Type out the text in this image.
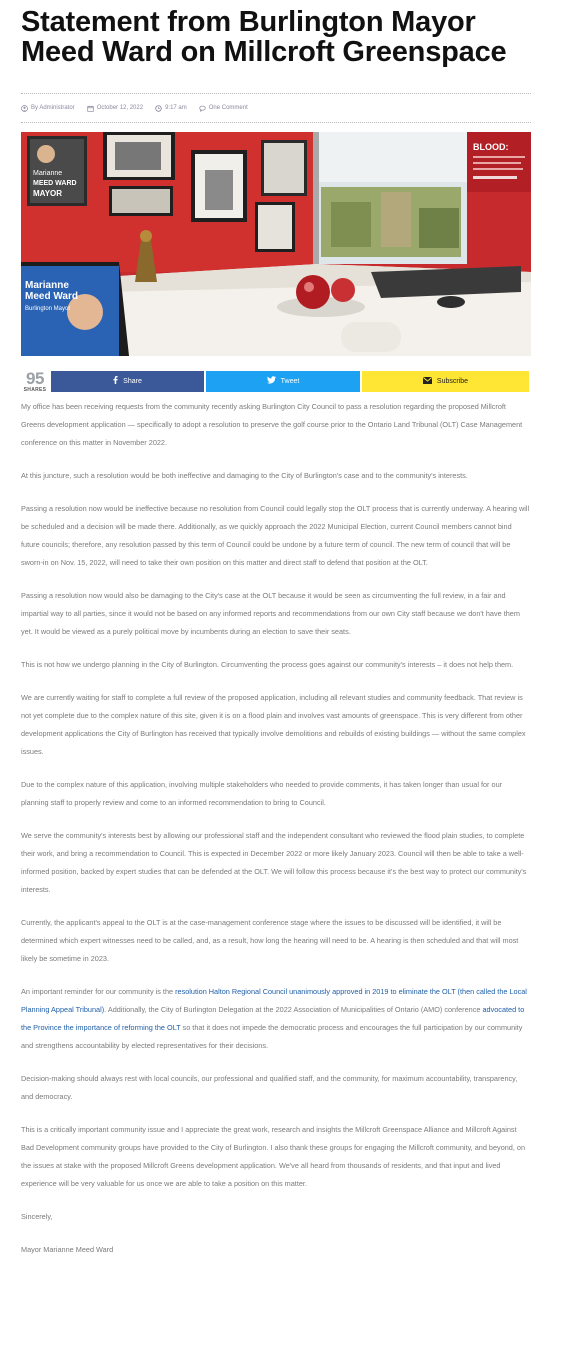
Statement from Burlington Mayor Meed Ward on Millcroft Greenspace
By Administrator	October 12, 2022	9:17 am	One Comment
BLOOD:
Marianne
MEED WARD
MAYOR
Marianne
Meed Ward
Burlington Mayor
95
SHARES
Share	Tweet	Subscribe

My office has been receiving requests from the community recently asking Burlington City Council to pass a resolution regarding the proposed Millcroft Greens development application — specifically to adopt a resolution to preserve the golf course prior to the Ontario Land Tribunal (OLT) Case Management conference on this matter in November 2022.

At this juncture, such a resolution would be both ineffective and damaging to the City of Burlington's case and to the community's interests.

Passing a resolution now would be ineffective because no resolution from Council could legally stop the OLT process that is currently underway. A hearing will be scheduled and a decision will be made there. Additionally, as we quickly approach the 2022 Municipal Election, current Council members cannot bind future councils; therefore, any resolution passed by this term of Council could be undone by a future term of council. The new term of council that will be sworn-in on Nov. 15, 2022, will need to take their own position on this matter and direct staff to defend that position at the OLT.

Passing a resolution now would also be damaging to the City's case at the OLT because it would be seen as circumventing the full review, in a fair and impartial way to all parties, since it would not be based on any informed reports and recommendations from our own City staff because we don't have them yet. It would be viewed as a purely political move by incumbents during an election to save their seats.

This is not how we undergo planning in the City of Burlington. Circumventing the process goes against our community's interests – it does not help them.

We are currently waiting for staff to complete a full review of the proposed application, including all relevant studies and community feedback. That review is not yet complete due to the complex nature of this site, given it is on a flood plain and involves vast amounts of greenspace. This is very different from other development applications the City of Burlington has received that typically involve demolitions and rebuilds of existing buildings — without the same complex issues.

Due to the complex nature of this application, involving multiple stakeholders who needed to provide comments, it has taken longer than usual for our planning staff to properly review and come to an informed recommendation to bring to Council.

We serve the community's interests best by allowing our professional staff and the independent consultant who reviewed the flood plain studies, to complete their work, and bring a recommendation to Council. This is expected in December 2022 or more likely January 2023. Council will then be able to take a well-informed position, backed by expert studies that can be defended at the OLT. We will follow this process because it's the best way to protect our community's interests.

Currently, the applicant's appeal to the OLT is at the case-management conference stage where the issues to be discussed will be identified, it will be determined which expert witnesses need to be called, and, as a result, how long the hearing will need to be. A hearing is then scheduled and that will most likely be sometime in 2023.

An important reminder for our community is the resolution Halton Regional Council unanimously approved in 2019 to eliminate the OLT (then called the Local Planning Appeal Tribunal). Additionally, the City of Burlington Delegation at the 2022 Association of Municipalities of Ontario (AMO) conference advocated to the Province the importance of reforming the OLT so that it does not impede the democratic process and encourages the full participation by our community and strengthens accountability by elected representatives for their decisions.

Decision-making should always rest with local councils, our professional and qualified staff, and the community, for maximum accountability, transparency, and democracy.

This is a critically important community issue and I appreciate the great work, research and insights the Millcroft Greenspace Alliance and Millcroft Against Bad Development community groups have provided to the City of Burlington. I also thank these groups for engaging the Millcroft community, and beyond, on the issues at stake with the proposed Millcroft Greens development application. We've all heard from thousands of residents, and that input and lived experience will be very valuable for us once we are able to take a position on this matter.

Sincerely,

Mayor Marianne Meed Ward
